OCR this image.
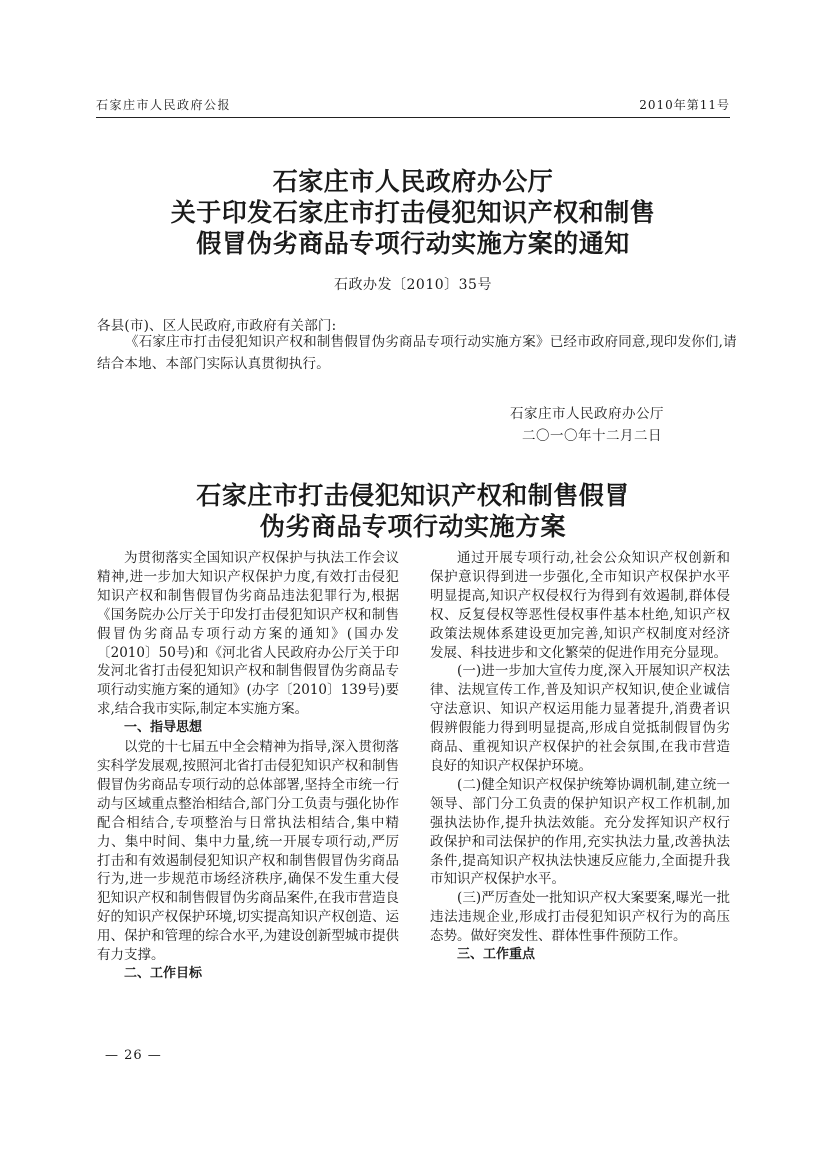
石家庄市人民政府公报	2010年第11号
石家庄市人民政府办公厅
关于印发石家庄市打击侵犯知识产权和制售
假冒伪劣商品专项行动实施方案的通知
石政办发〔2010〕35号
各县(市)、区人民政府,市政府有关部门:
《石家庄市打击侵犯知识产权和制售假冒伪劣商品专项行动实施方案》已经市政府同意,现印发你们,请结合本地、本部门实际认真贯彻执行。
石家庄市人民政府办公厅
二〇一〇年十二月二日
石家庄市打击侵犯知识产权和制售假冒
伪劣商品专项行动实施方案

为贯彻落实全国知识产权保护与执法工作会议精神,进一步加大知识产权保护力度,有效打击侵犯知识产权和制售假冒伪劣商品违法犯罪行为,根据《国务院办公厅关于印发打击侵犯知识产权和制售假冒伪劣商品专项行动方案的通知》(国办发〔2010〕50号)和《河北省人民政府办公厅关于印发河北省打击侵犯知识产权和制售假冒伪劣商品专项行动实施方案的通知》(办字〔2010〕139号)要求,结合我市实际,制定本实施方案。

一、指导思想

以党的十七届五中全会精神为指导,深入贯彻落实科学发展观,按照河北省打击侵犯知识产权和制售假冒伪劣商品专项行动的总体部署,坚持全市统一行动与区域重点整治相结合,部门分工负责与强化协作配合相结合,专项整治与日常执法相结合,集中精力、集中时间、集中力量,统一开展专项行动,严厉打击和有效遏制侵犯知识产权和制售假冒伪劣商品行为,进一步规范市场经济秩序,确保不发生重大侵犯知识产权和制售假冒伪劣商品案件,在我市营造良好的知识产权保护环境,切实提高知识产权创造、运用、保护和管理的综合水平,为建设创新型城市提供有力支撑。

二、工作目标

通过开展专项行动,社会公众知识产权创新和保护意识得到进一步强化,全市知识产权保护水平明显提高,知识产权侵权行为得到有效遏制,群体侵权、反复侵权等恶性侵权事件基本杜绝,知识产权政策法规体系建设更加完善,知识产权制度对经济发展、科技进步和文化繁荣的促进作用充分显现。

(一)进一步加大宣传力度,深入开展知识产权法律、法规宣传工作,普及知识产权知识,使企业诚信守法意识、知识产权运用能力显著提升,消费者识假辨假能力得到明显提高,形成自觉抵制假冒伪劣商品、重视知识产权保护的社会氛围,在我市营造良好的知识产权保护环境。

(二)健全知识产权保护统筹协调机制,建立统一领导、部门分工负责的保护知识产权工作机制,加强执法协作,提升执法效能。充分发挥知识产权行政保护和司法保护的作用,充实执法力量,改善执法条件,提高知识产权执法快速反应能力,全面提升我市知识产权保护水平。

(三)严厉查处一批知识产权大案要案,曝光一批违法违规企业,形成打击侵犯知识产权行为的高压态势。做好突发性、群体性事件预防工作。

三、工作重点

— 26 —
